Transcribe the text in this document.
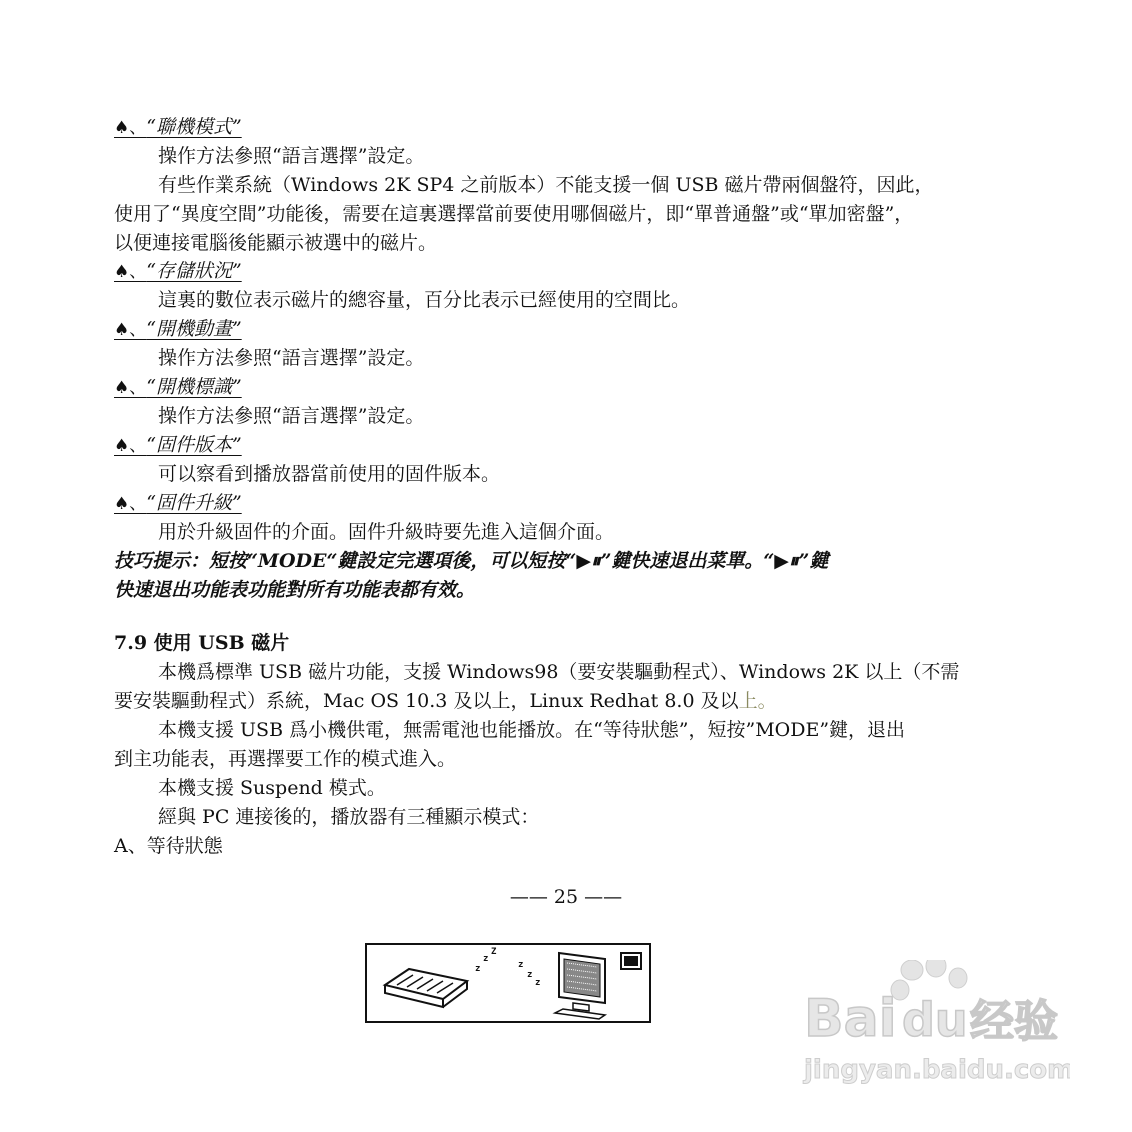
♠、“聯機模式”
操作方法參照“語言選擇”設定。
有些作業系統（Windows 2K SP4 之前版本）不能支援一個 USB 磁片帶兩個盤符，因此，
使用了“異度空間”功能後，需要在這裏選擇當前要使用哪個磁片，即“單普通盤”或“單加密盤”，
以便連接電腦後能顯示被選中的磁片。
♠、“存儲狀況”
這裏的數位表示磁片的總容量，百分比表示已經使用的空間比。
♠、“開機動畫”
操作方法參照“語言選擇”設定。
♠、“開機標識”
操作方法參照“語言選擇”設定。
♠、“固件版本”
可以察看到播放器當前使用的固件版本。
♠、“固件升級”
用於升級固件的介面。固件升級時要先進入這個介面。
技巧提示：短按“MODE“鍵設定完選項後，可以短按“▶⏸”鍵快速退出菜單。“▶⏸”鍵
快速退出功能表功能對所有功能表都有效。
7.9 使用 USB 磁片
本機爲標準 USB 磁片功能，支援 Windows98（要安裝驅動程式）、Windows 2K 以上（不需
要安裝驅動程式）系統，Mac OS 10.3 及以上，Linux Redhat 8.0 及以上。
本機支援 USB 爲小機供電，無需電池也能播放。在“等待狀態”，短按”MODE”鍵，退出
到主功能表，再選擇要工作的模式進入。
本機支援 Suspend 模式。
經與 PC 連接後的，播放器有三種顯示模式：
A、等待狀態
—— 25 ——
z
z
Z
z
z
z
Bai du 经验
jingyan.baidu.com
